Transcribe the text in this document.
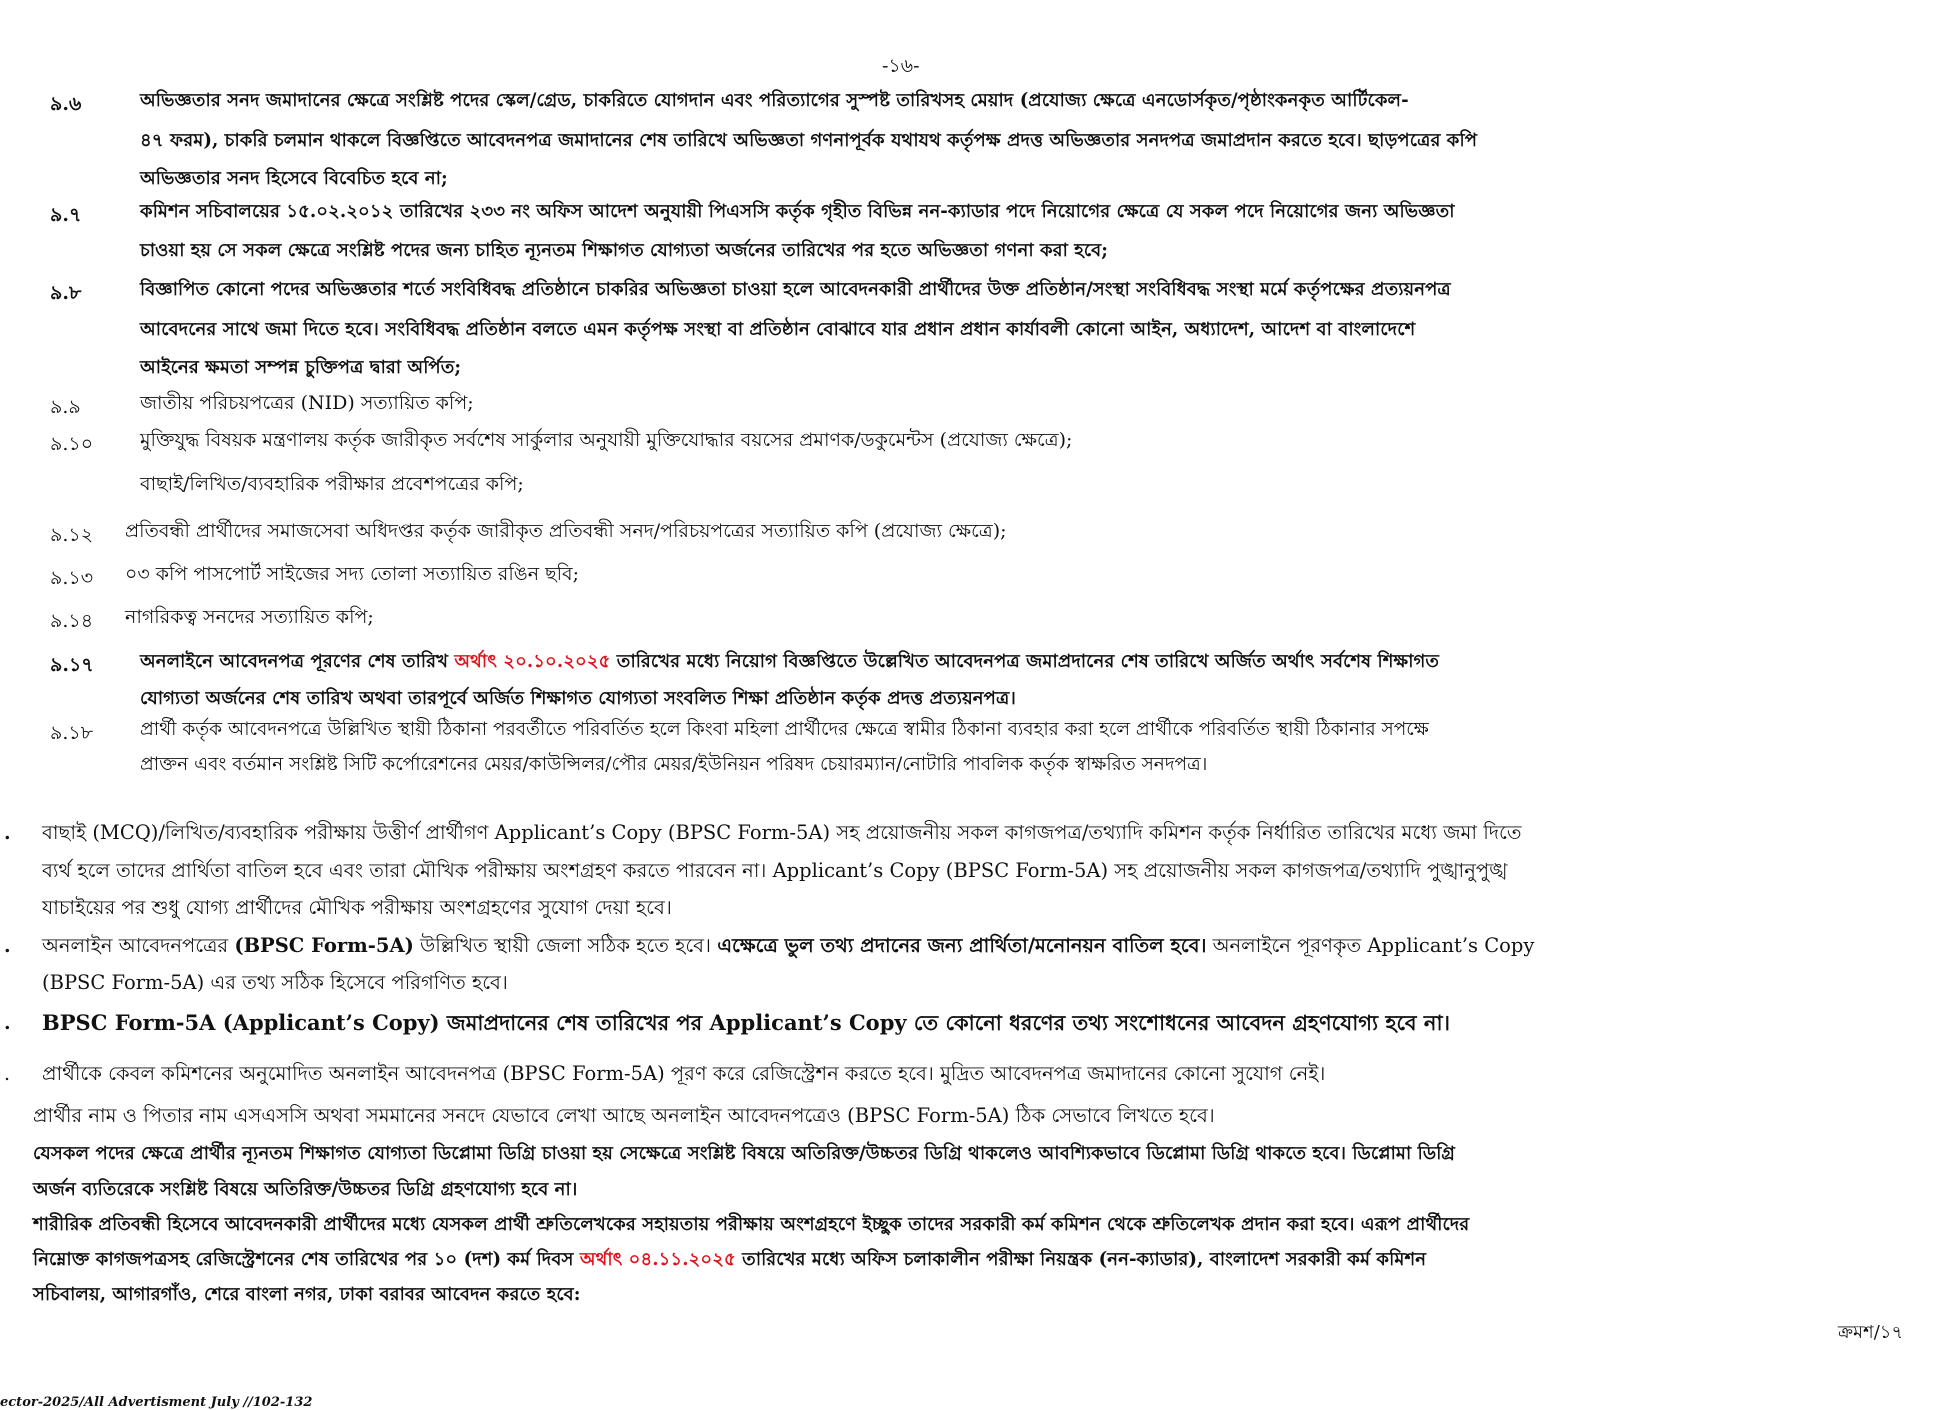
-১৬-
৯.৬	অভিজ্ঞতার সনদ জমাদানের ক্ষেত্রে সংশ্লিষ্ট পদের স্কেল/গ্রেড, চাকরিতে যোগদান এবং পরিত্যাগের সুস্পষ্ট তারিখসহ মেয়াদ (প্রযোজ্য ক্ষেত্রে এনডোর্সকৃত/পৃষ্ঠাংকনকৃত আর্টিকেল-
৪৭ ফরম), চাকরি চলমান থাকলে বিজ্ঞপ্তিতে আবেদনপত্র জমাদানের শেষ তারিখে অভিজ্ঞতা গণনাপূর্বক যথাযথ কর্তৃপক্ষ প্রদত্ত অভিজ্ঞতার সনদপত্র জমাপ্রদান করতে হবে। ছাড়পত্রের কপি
অভিজ্ঞতার সনদ হিসেবে বিবেচিত হবে না;
৯.৭	কমিশন সচিবালয়ের ১৫.০২.২০১২ তারিখের ২৩৩ নং অফিস আদেশ অনুযায়ী পিএসসি কর্তৃক গৃহীত বিভিন্ন নন-ক্যাডার পদে নিয়োগের ক্ষেত্রে যে সকল পদে নিয়োগের জন্য অভিজ্ঞতা
চাওয়া হয় সে সকল ক্ষেত্রে সংশ্লিষ্ট পদের জন্য চাহিত ন্যূনতম শিক্ষাগত যোগ্যতা অর্জনের তারিখের পর হতে অভিজ্ঞতা গণনা করা হবে;
৯.৮	বিজ্ঞাপিত কোনো পদের অভিজ্ঞতার শর্তে সংবিধিবদ্ধ প্রতিষ্ঠানে চাকরির অভিজ্ঞতা চাওয়া হলে আবেদনকারী প্রার্থীদের উক্ত প্রতিষ্ঠান/সংস্থা সংবিধিবদ্ধ সংস্থা মর্মে কর্তৃপক্ষের প্রত্যয়নপত্র
আবেদনের সাথে জমা দিতে হবে। সংবিধিবদ্ধ প্রতিষ্ঠান বলতে এমন কর্তৃপক্ষ সংস্থা বা প্রতিষ্ঠান বোঝাবে যার প্রধান প্রধান কার্যাবলী কোনো আইন, অধ্যাদেশ, আদেশ বা বাংলাদেশে
আইনের ক্ষমতা সম্পন্ন চুক্তিপত্র দ্বারা অর্পিত;
৯.৯	জাতীয় পরিচয়পত্রের (NID) সত্যায়িত কপি;
৯.১০ মুক্তিযুদ্ধ বিষয়ক মন্ত্রণালয় কর্তৃক জারীকৃত সর্বশেষ সার্কুলার অনুযায়ী মুক্তিযোদ্ধার বয়সের প্রমাণক/ডকুমেন্টস (প্রযোজ্য ক্ষেত্রে);
বাছাই/লিখিত/ব্যবহারিক পরীক্ষার প্রবেশপত্রের কপি;
৯.১২ প্রতিবন্ধী প্রার্থীদের সমাজসেবা অধিদপ্তর কর্তৃক জারীকৃত প্রতিবন্ধী সনদ/পরিচয়পত্রের সত্যায়িত কপি (প্রযোজ্য ক্ষেত্রে);
৯.১৩ ০৩ কপি পাসপোর্ট সাইজের সদ্য তোলা সত্যায়িত রঙিন ছবি;
৯.১৪ নাগরিকত্ব সনদের সত্যায়িত কপি;
৯.১৭	অনলাইনে আবেদনপত্র পূরণের শেষ তারিখ অর্থাৎ ২০.১০.২০২৫ তারিখের মধ্যে নিয়োগ বিজ্ঞপ্তিতে উল্লেখিত আবেদনপত্র জমাপ্রদানের শেষ তারিখে অর্জিত অর্থাৎ সর্বশেষ শিক্ষাগত
যোগ্যতা অর্জনের শেষ তারিখ অথবা তারপূর্বে অর্জিত শিক্ষাগত যোগ্যতা সংবলিত শিক্ষা প্রতিষ্ঠান কর্তৃক প্রদত্ত প্রত্যয়নপত্র।
৯.১৮	প্রার্থী কর্তৃক আবেদনপত্রে উল্লিখিত স্থায়ী ঠিকানা পরবর্তীতে পরিবর্তিত হলে কিংবা মহিলা প্রার্থীদের ক্ষেত্রে স্বামীর ঠিকানা ব্যবহার করা হলে প্রার্থীকে পরিবর্তিত স্থায়ী ঠিকানার সপক্ষে
প্রাক্তন এবং বর্তমান সংশ্লিষ্ট সিটি কর্পোরেশনের মেয়র/কাউন্সিলর/পৌর মেয়র/ইউনিয়ন পরিষদ চেয়ারম্যান/নোটারি পাবলিক কর্তৃক স্বাক্ষরিত সনদপত্র।
. বাছাই (MCQ)/লিখিত/ব্যবহারিক পরীক্ষায় উত্তীর্ণ প্রার্থীগণ Applicant’s Copy (BPSC Form-5A) সহ প্রয়োজনীয় সকল কাগজপত্র/তথ্যাদি কমিশন কর্তৃক নির্ধারিত তারিখের মধ্যে জমা দিতে
ব্যর্থ হলে তাদের প্রার্থিতা বাতিল হবে এবং তারা মৌখিক পরীক্ষায় অংশগ্রহণ করতে পারবেন না। Applicant’s Copy (BPSC Form-5A) সহ প্রয়োজনীয় সকল কাগজপত্র/তথ্যাদি পুঙ্খানুপুঙ্খ
যাচাইয়ের পর শুধু যোগ্য প্রার্থীদের মৌখিক পরীক্ষায় অংশগ্রহণের সুযোগ দেয়া হবে।
. অনলাইন আবেদনপত্রের (BPSC Form-5A) উল্লিখিত স্থায়ী জেলা সঠিক হতে হবে। এক্ষেত্রে ভুল তথ্য প্রদানের জন্য প্রার্থিতা/মনোনয়ন বাতিল হবে। অনলাইনে পূরণকৃত Applicant’s Copy
(BPSC Form-5A) এর তথ্য সঠিক হিসেবে পরিগণিত হবে।
. BPSC Form-5A (Applicant’s Copy) জমাপ্রদানের শেষ তারিখের পর Applicant’s Copy তে কোনো ধরণের তথ্য সংশোধনের আবেদন গ্রহণযোগ্য হবে না।
. প্রার্থীকে কেবল কমিশনের অনুমোদিত অনলাইন আবেদনপত্র (BPSC Form-5A) পূরণ করে রেজিস্ট্রেশন করতে হবে। মুদ্রিত আবেদনপত্র জমাদানের কোনো সুযোগ নেই।
প্রার্থীর নাম ও পিতার নাম এসএসসি অথবা সমমানের সনদে যেভাবে লেখা আছে অনলাইন আবেদনপত্রেও (BPSC Form-5A) ঠিক সেভাবে লিখতে হবে।
যেসকল পদের ক্ষেত্রে প্রার্থীর ন্যূনতম শিক্ষাগত যোগ্যতা ডিপ্লোমা ডিগ্রি চাওয়া হয় সেক্ষেত্রে সংশ্লিষ্ট বিষয়ে অতিরিক্ত/উচ্চতর ডিগ্রি থাকলেও আবশ্যিকভাবে ডিপ্লোমা ডিগ্রি থাকতে হবে। ডিপ্লোমা ডিগ্রি
অর্জন ব্যতিরেকে সংশ্লিষ্ট বিষয়ে অতিরিক্ত/উচ্চতর ডিগ্রি গ্রহণযোগ্য হবে না।
শারীরিক প্রতিবন্ধী হিসেবে আবেদনকারী প্রার্থীদের মধ্যে যেসকল প্রার্থী শ্রুতিলেখকের সহায়তায় পরীক্ষায় অংশগ্রহণে ইচ্ছুক তাদের সরকারী কর্ম কমিশন থেকে শ্রুতিলেখক প্রদান করা হবে। এরূপ প্রার্থীদের
নিম্নোক্ত কাগজপত্রসহ রেজিস্ট্রেশনের শেষ তারিখের পর ১০ (দশ) কর্ম দিবস অর্থাৎ ০৪.১১.২০২৫ তারিখের মধ্যে অফিস চলাকালীন পরীক্ষা নিয়ন্ত্রক (নন-ক্যাডার), বাংলাদেশ সরকারী কর্ম কমিশন
সচিবালয়, আগারগাঁও, শেরে বাংলা নগর, ঢাকা বরাবর আবেদন করতে হবে:
ক্রমশ/১৭
ector-2025/All Advertisment July //102-132
